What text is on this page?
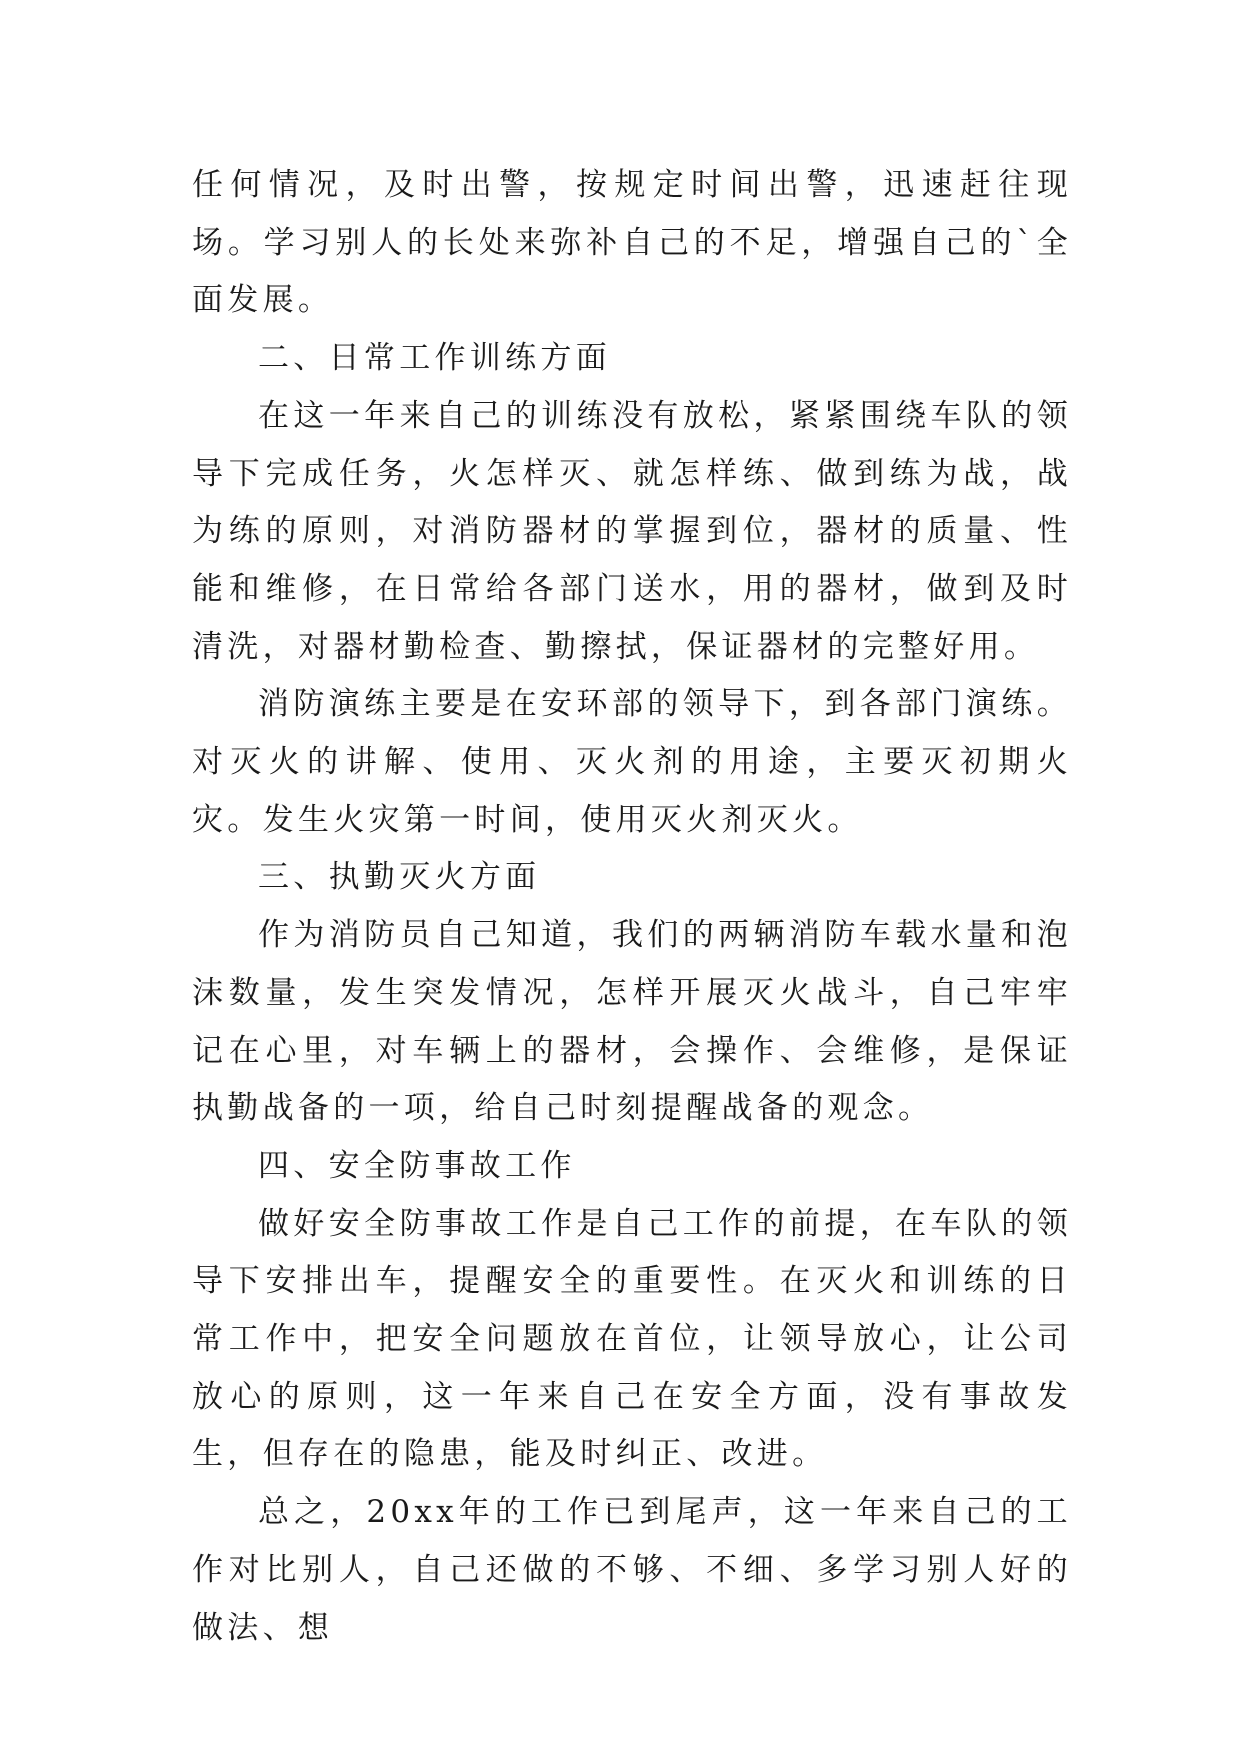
任何情况，及时出警，按规定时间出警，迅速赶往现场。学习别人的长处来弥补自己的不足，增强自己的`全面发展。

二、日常工作训练方面

在这一年来自己的训练没有放松，紧紧围绕车队的领导下完成任务，火怎样灭、就怎样练、做到练为战，战为练的原则，对消防器材的掌握到位，器材的质量、性能和维修，在日常给各部门送水，用的器材，做到及时清洗，对器材勤检查、勤擦拭，保证器材的完整好用。

消防演练主要是在安环部的领导下，到各部门演练。对灭火的讲解、使用、灭火剂的用途，主要灭初期火灾。发生火灾第一时间，使用灭火剂灭火。

三、执勤灭火方面

作为消防员自己知道，我们的两辆消防车载水量和泡沫数量，发生突发情况，怎样开展灭火战斗，自己牢牢记在心里，对车辆上的器材，会操作、会维修，是保证执勤战备的一项，给自己时刻提醒战备的观念。

四、安全防事故工作

做好安全防事故工作是自己工作的前提，在车队的领导下安排出车，提醒安全的重要性。在灭火和训练的日常工作中，把安全问题放在首位，让领导放心，让公司放心的原则，这一年来自己在安全方面，没有事故发生，但存在的隐患，能及时纠正、改进。

总之，20xx年的工作已到尾声，这一年来自己的工作对比别人，自己还做的不够、不细、多学习别人好的做法、想
